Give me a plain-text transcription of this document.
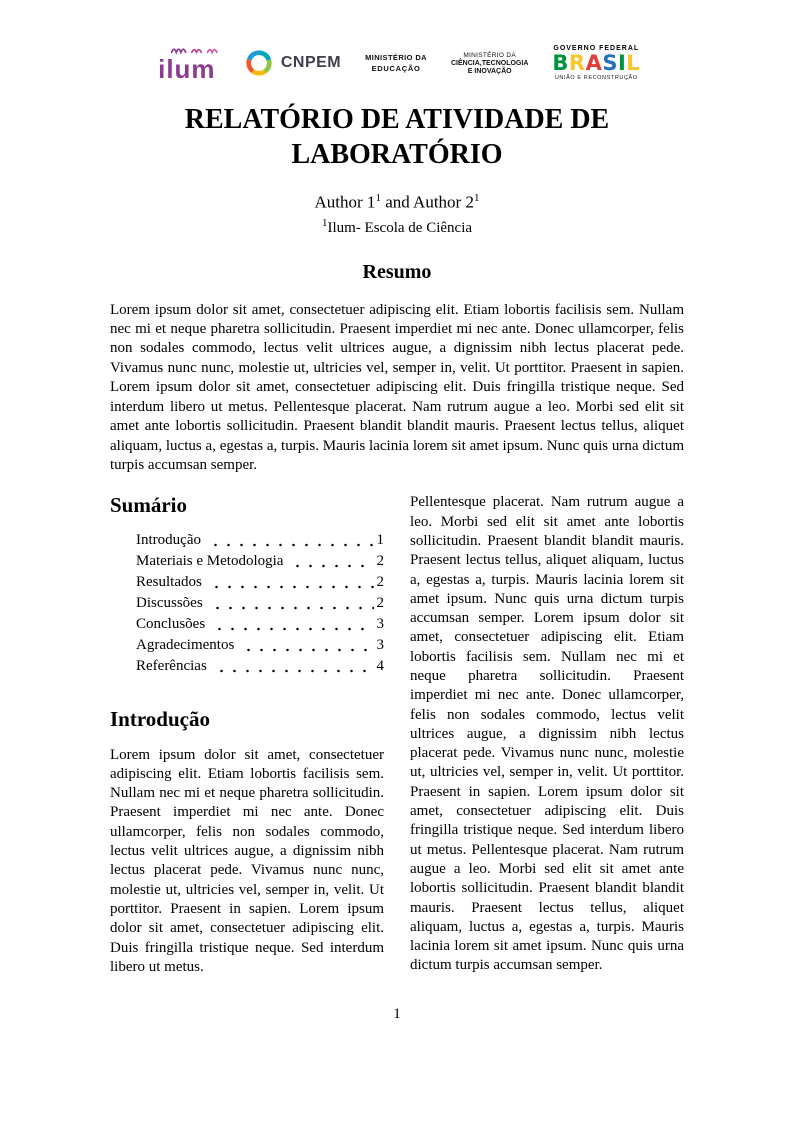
ilum	CNPEM	MINISTÉRIO DA
EDUCAÇÃO
MINISTÉRIO DA
CIÊNCIA,TECNOLOGIA
E INOVAÇÃO
GOVERNO FEDERAL
BRASIL
UNIÃO E RECONSTRUÇÃO
RELATÓRIO DE ATIVIDADE DE
LABORATÓRIO
Author $1^1$ and Author $2^1$
$^1$Ilum- Escola de Ciência
Resumo

Lorem ipsum dolor sit amet, consectetuer adipiscing elit. Etiam lobortis facilisis sem. Nullam nec mi et neque pharetra sollicitudin. Praesent imperdiet mi nec ante. Donec ullamcorper, felis non sodales commodo, lectus velit ultrices augue, a dignissim nibh lectus placerat pede. Vivamus nunc nunc, molestie ut, ultricies vel, semper in, velit. Ut porttitor. Praesent in sapien. Lorem ipsum dolor sit amet, consectetuer adipiscing elit. Duis fringilla tristique neque. Sed interdum libero ut metus. Pellentesque placerat. Nam rutrum augue a leo. Morbi sed elit sit amet ante lobortis sollicitudin. Praesent blandit blandit mauris. Praesent lectus tellus, aliquet aliquam, luctus a, egestas a, turpis. Mauris lacinia lorem sit amet ipsum. Nunc quis urna dictum turpis accumsan semper.

Sumário
Introdução	1
Materiais e Metodologia	2
Resultados	2
Discussões	2
Conclusões	3
Agradecimentos	3
Referências	4
Introdução

Lorem ipsum dolor sit amet, consectetuer adipiscing elit. Etiam lobortis facilisis sem. Nullam nec mi et neque pharetra sollicitudin. Praesent imperdiet mi nec ante. Donec ullamcorper, felis non sodales commodo, lectus velit ultrices augue, a dignissim nibh lectus placerat pede. Vivamus nunc nunc, molestie ut, ultricies vel, semper in, velit. Ut porttitor. Praesent in sapien. Lorem ipsum dolor sit amet, consectetuer adipiscing elit. Duis fringilla tristique neque. Sed interdum libero ut metus.

Pellentesque placerat. Nam rutrum augue a leo. Morbi sed elit sit amet ante lobortis sollicitudin. Praesent blandit blandit mauris. Praesent lectus tellus, aliquet aliquam, luctus a, egestas a, turpis. Mauris lacinia lorem sit amet ipsum. Nunc quis urna dictum turpis accumsan semper. Lorem ipsum dolor sit amet, consectetuer adipiscing elit. Etiam lobortis facilisis sem. Nullam nec mi et neque pharetra sollicitudin. Praesent imperdiet mi nec ante. Donec ullamcorper, felis non sodales commodo, lectus velit ultrices augue, a dignissim nibh lectus placerat pede. Vivamus nunc nunc, molestie ut, ultricies vel, semper in, velit. Ut porttitor. Praesent in sapien. Lorem ipsum dolor sit amet, consectetuer adipiscing elit. Duis fringilla tristique neque. Sed interdum libero ut metus. Pellentesque placerat. Nam rutrum augue a leo. Morbi sed elit sit amet ante lobortis sollicitudin. Praesent blandit blandit mauris. Praesent lectus tellus, aliquet aliquam, luctus a, egestas a, turpis. Mauris lacinia lorem sit amet ipsum. Nunc quis urna dictum turpis accumsan semper.

1
